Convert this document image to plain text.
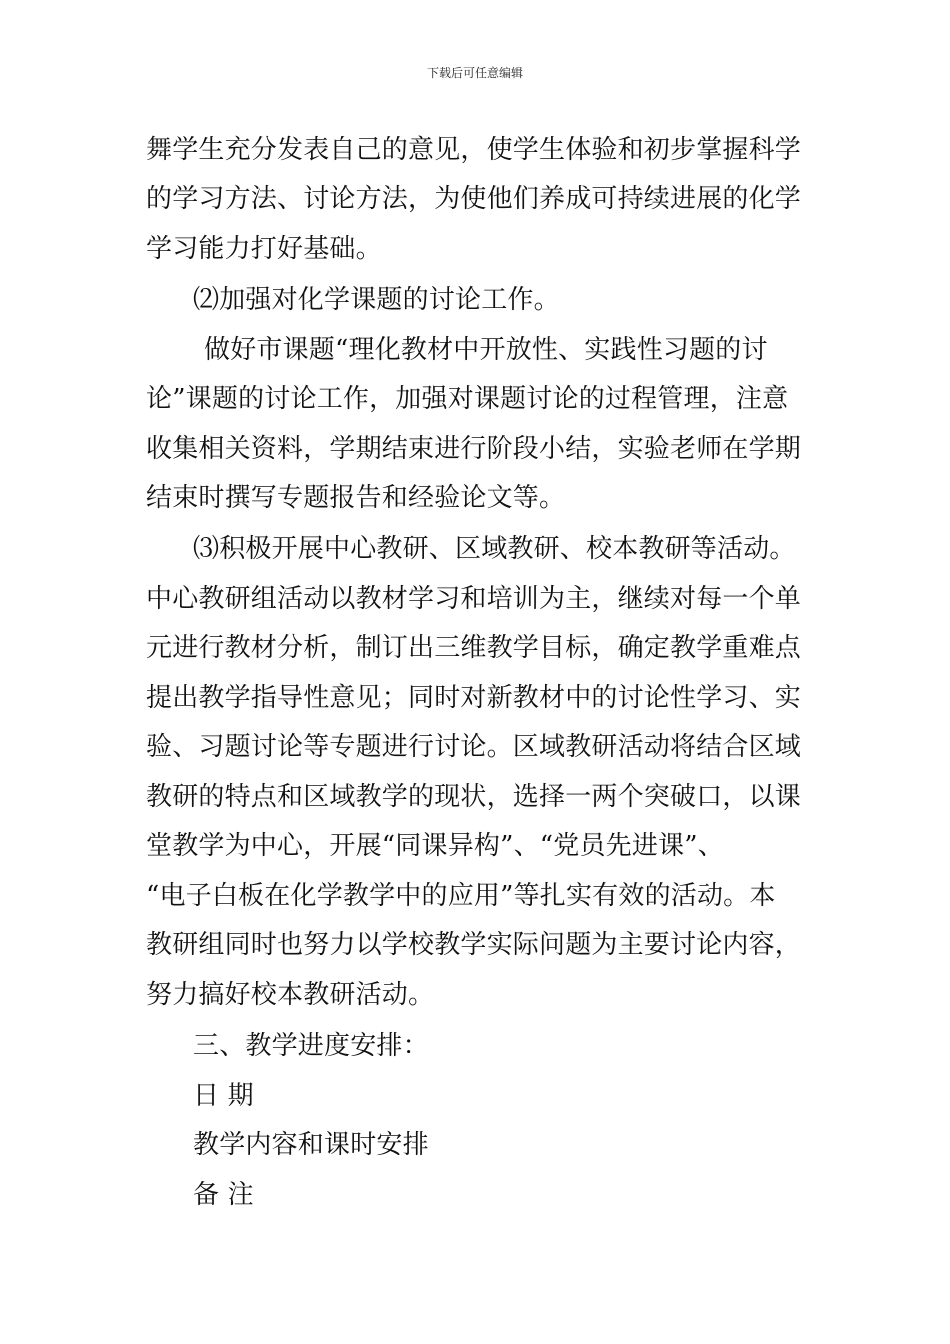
下载后可任意编辑
舞学生充分发表自己的意见，使学生体验和初步掌握科学
的学习方法、讨论方法，为使他们养成可持续进展的化学
学习能力打好基础。
⑵加强对化学课题的讨论工作。
做好市课题“理化教材中开放性、实践性习题的讨
论”课题的讨论工作，加强对课题讨论的过程管理，注意
收集相关资料，学期结束进行阶段小结，实验老师在学期
结束时撰写专题报告和经验论文等。
⑶积极开展中心教研、区域教研、校本教研等活动。
中心教研组活动以教材学习和培训为主，继续对每一个单
元进行教材分析，制订出三维教学目标，确定教学重难点
提出教学指导性意见；同时对新教材中的讨论性学习、实
验、习题讨论等专题进行讨论。区域教研活动将结合区域
教研的特点和区域教学的现状，选择一两个突破口，以课
堂教学为中心，开展“同课异构”、“党员先进课”、
“电子白板在化学教学中的应用”等扎实有效的活动。本
教研组同时也努力以学校教学实际问题为主要讨论内容，
努力搞好校本教研活动。
三、教学进度安排：
日 期
教学内容和课时安排
备 注
